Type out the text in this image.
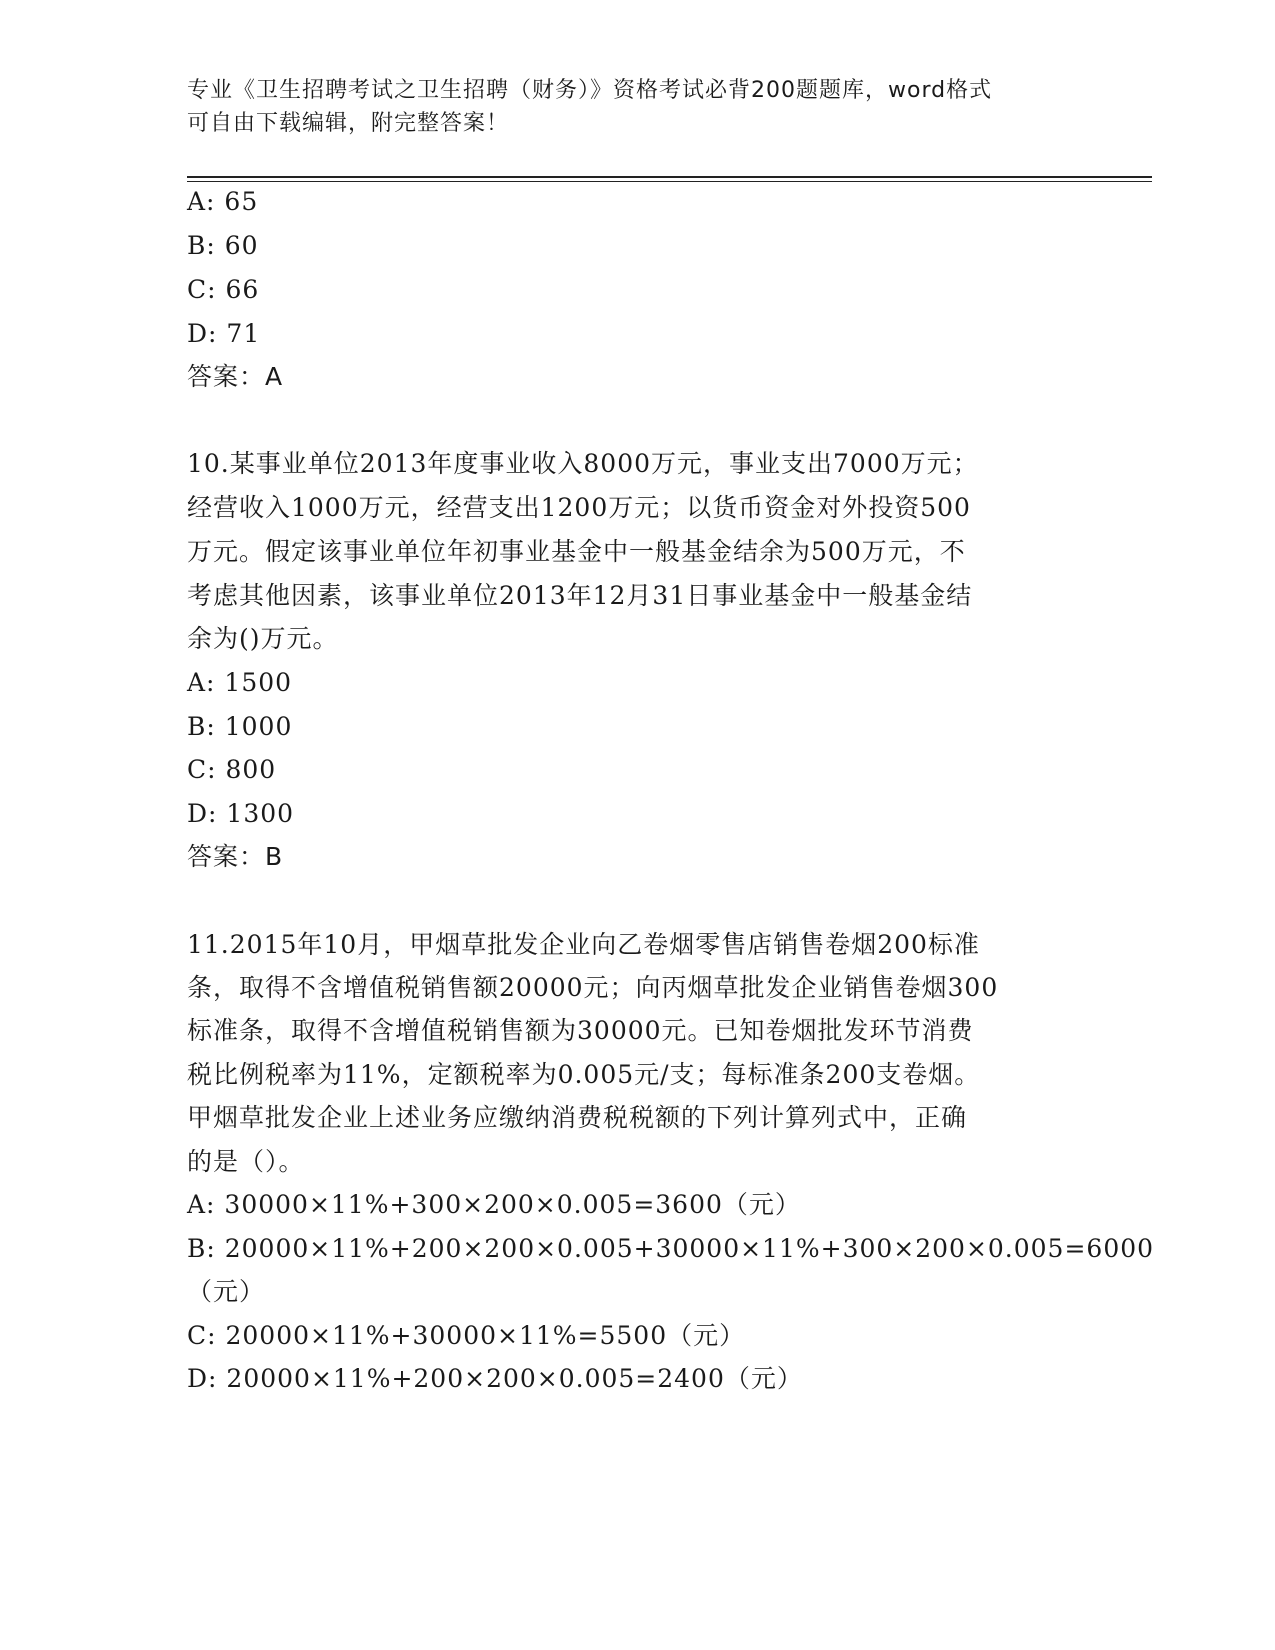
专业《卫生招聘考试之卫生招聘（财务）》资格考试必背200题题库，word格式
可自由下载编辑，附完整答案！
A: 65
B: 60
C: 66
D: 71
答案：A
10.某事业单位2013年度事业收入8000万元，事业支出7000万元；
经营收入1000万元，经营支出1200万元；以货币资金对外投资500
万元。假定该事业单位年初事业基金中一般基金结余为500万元，不
考虑其他因素，该事业单位2013年12月31日事业基金中一般基金结
余为()万元。
A: 1500
B: 1000
C: 800
D: 1300
答案：B
11.2015年10月，甲烟草批发企业向乙卷烟零售店销售卷烟200标准
条，取得不含增值税销售额20000元；向丙烟草批发企业销售卷烟300
标准条，取得不含增值税销售额为30000元。已知卷烟批发环节消费
税比例税率为11%，定额税率为0.005元/支；每标准条200支卷烟。
甲烟草批发企业上述业务应缴纳消费税税额的下列计算列式中，正确
的是（）。
A: 30000×11%+300×200×0.005=3600（元）
B: 20000×11%+200×200×0.005+30000×11%+300×200×0.005=6000
（元）
C: 20000×11%+30000×11%=5500（元）
D: 20000×11%+200×200×0.005=2400（元）
